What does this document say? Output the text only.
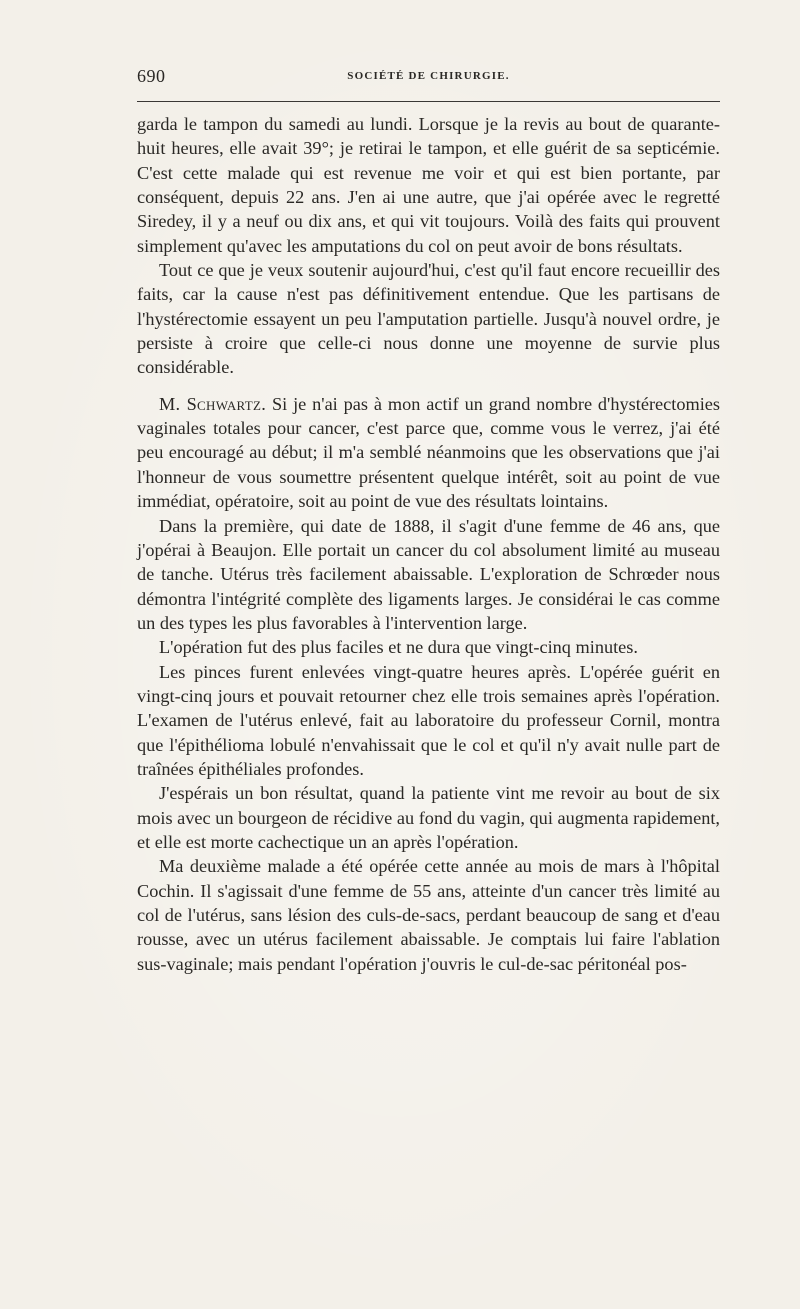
690	SOCIÉTÉ DE CHIRURGIE.

garda le tampon du samedi au lundi. Lorsque je la revis au bout de quarante-huit heures, elle avait 39°; je retirai le tampon, et elle guérit de sa septicémie. C'est cette malade qui est revenue me voir et qui est bien portante, par conséquent, depuis 22 ans. J'en ai une autre, que j'ai opérée avec le regretté Siredey, il y a neuf ou dix ans, et qui vit toujours. Voilà des faits qui prouvent simplement qu'avec les amputations du col on peut avoir de bons résultats.

Tout ce que je veux soutenir aujourd'hui, c'est qu'il faut encore recueillir des faits, car la cause n'est pas définitivement entendue. Que les partisans de l'hystérectomie essayent un peu l'amputation partielle. Jusqu'à nouvel ordre, je persiste à croire que celle-ci nous donne une moyenne de survie plus considérable.

M. Schwartz. Si je n'ai pas à mon actif un grand nombre d'hystérectomies vaginales totales pour cancer, c'est parce que, comme vous le verrez, j'ai été peu encouragé au début; il m'a semblé néanmoins que les observations que j'ai l'honneur de vous soumettre présentent quelque intérêt, soit au point de vue immédiat, opératoire, soit au point de vue des résultats lointains.

Dans la première, qui date de 1888, il s'agit d'une femme de 46 ans, que j'opérai à Beaujon. Elle portait un cancer du col absolument limité au museau de tanche. Utérus très facilement abaissable. L'exploration de Schrœder nous démontra l'intégrité complète des ligaments larges. Je considérai le cas comme un des types les plus favorables à l'intervention large.

L'opération fut des plus faciles et ne dura que vingt-cinq minutes.

Les pinces furent enlevées vingt-quatre heures après. L'opérée guérit en vingt-cinq jours et pouvait retourner chez elle trois semaines après l'opération. L'examen de l'utérus enlevé, fait au laboratoire du professeur Cornil, montra que l'épithélioma lobulé n'envahissait que le col et qu'il n'y avait nulle part de traînées épithéliales profondes.

J'espérais un bon résultat, quand la patiente vint me revoir au bout de six mois avec un bourgeon de récidive au fond du vagin, qui augmenta rapidement, et elle est morte cachectique un an après l'opération.

Ma deuxième malade a été opérée cette année au mois de mars à l'hôpital Cochin. Il s'agissait d'une femme de 55 ans, atteinte d'un cancer très limité au col de l'utérus, sans lésion des culs-de-sacs, perdant beaucoup de sang et d'eau rousse, avec un utérus facilement abaissable. Je comptais lui faire l'ablation sus-vaginale; mais pendant l'opération j'ouvris le cul-de-sac péritonéal pos-
